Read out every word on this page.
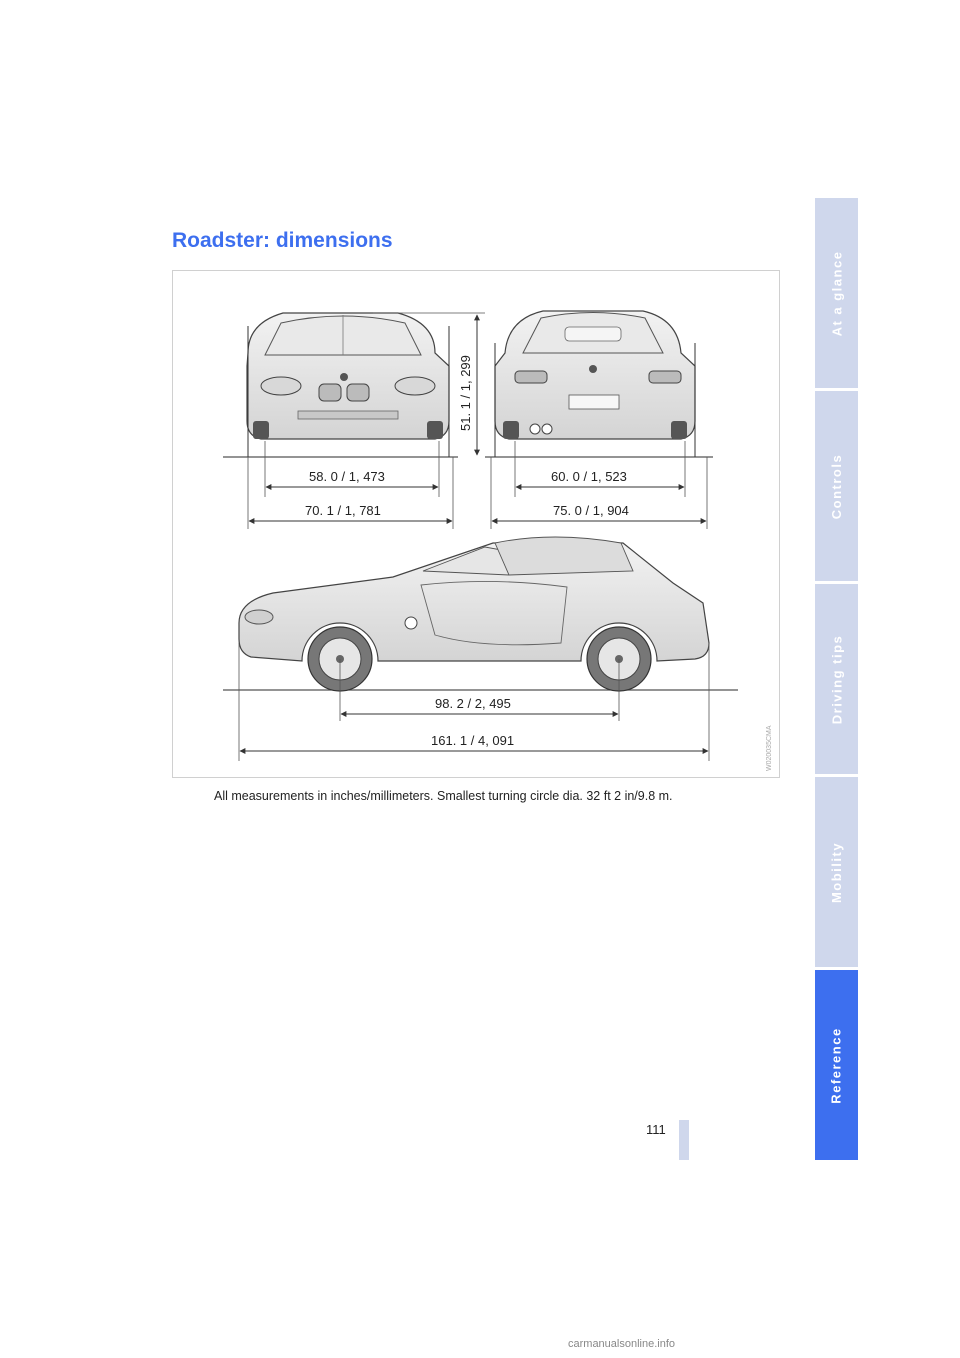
At a glance
Controls
Driving tips
Mobility
Reference
Roadster: dimensions
51. 1 / 1, 299
58. 0 / 1, 473
70. 1 / 1, 781
60. 0 / 1, 523
75. 0 / 1, 904
98. 2 / 2, 495
161. 1 / 4, 091	W020035CMA
All measurements in inches/millimeters. Smallest turning circle dia. 32 ft 2 in/9.8 m.
111
carmanualsonline.info
